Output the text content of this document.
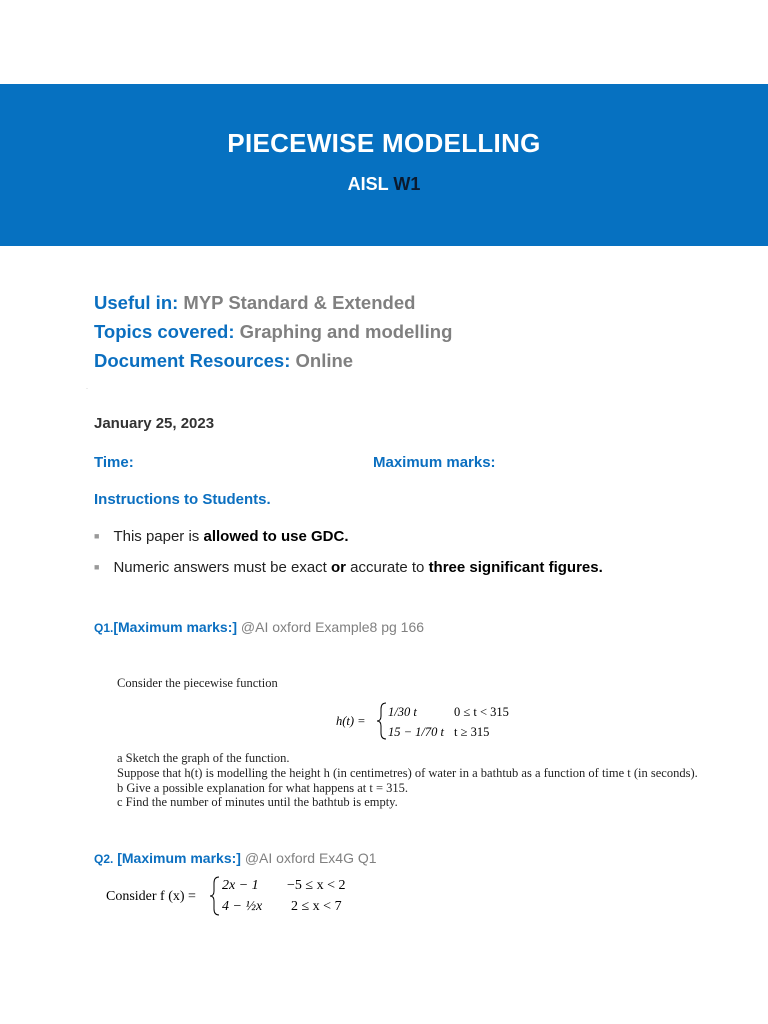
PIECEWISE MODELLING
AISL W1
Useful in: MYP Standard & Extended
Topics covered: Graphing and modelling
Document Resources: Online
·
January 25, 2023
Time:	Maximum marks:
Instructions to Students.
■ This paper is allowed to use GDC.
■ Numeric answers must be exact or accurate to three significant figures.
Q1.[Maximum marks:] @AI oxford Example8 pg 166
Consider the piecewise function
h(t) =
1/30 t	0 ≤ t < 315
15 − 1/70 t t ≥ 315
a Sketch the graph of the function.
Suppose that h(t) is modelling the height h (in centimetres) of water in a bathtub as a function of time t (in seconds).
b Give a possible explanation for what happens at t = 315.
c Find the number of minutes until the bathtub is empty.
Q2. [Maximum marks:] @AI oxford Ex4G Q1
Consider f (x) =
2x − 1 −5 ≤ x < 2
4 − ½x 2 ≤ x < 7
